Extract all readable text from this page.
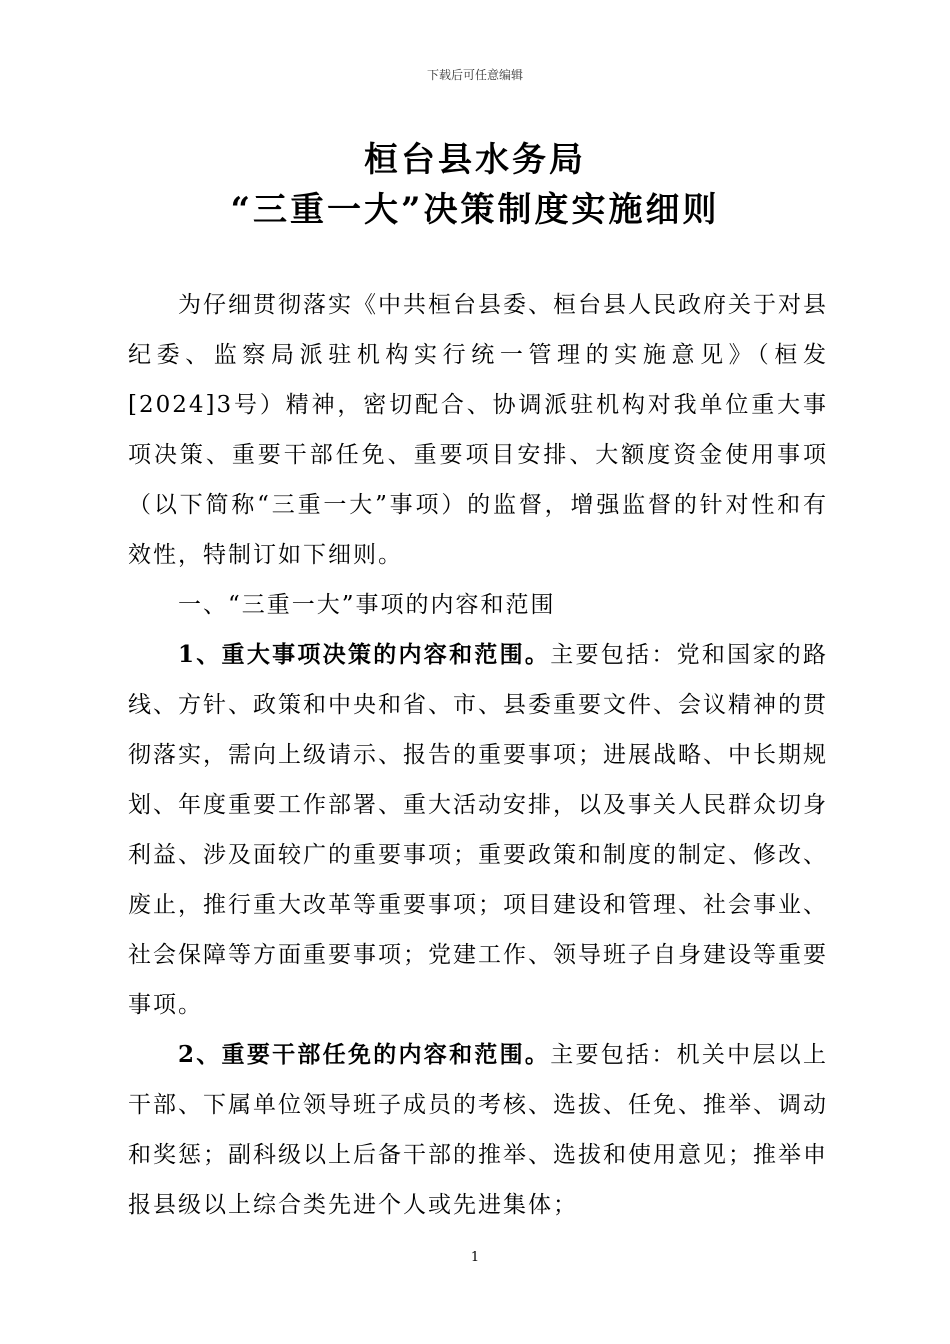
下载后可任意编辑
桓台县水务局
“三重一大”决策制度实施细则

为仔细贯彻落实《中共桓台县委、桓台县人民政府关于对县纪委、监察局派驻机构实行统一管理的实施意见》（桓发[2024]3号）精神，密切配合、协调派驻机构对我单位重大事项决策、重要干部任免、重要项目安排、大额度资金使用事项（以下简称“三重一大”事项）的监督，增强监督的针对性和有效性，特制订如下细则。

一、“三重一大”事项的内容和范围

1、重大事项决策的内容和范围。主要包括：党和国家的路线、方针、政策和中央和省、市、县委重要文件、会议精神的贯彻落实，需向上级请示、报告的重要事项；进展战略、中长期规划、年度重要工作部署、重大活动安排，以及事关人民群众切身利益、涉及面较广的重要事项；重要政策和制度的制定、修改、废止，推行重大改革等重要事项；项目建设和管理、社会事业、社会保障等方面重要事项；党建工作、领导班子自身建设等重要事项。

2、重要干部任免的内容和范围。主要包括：机关中层以上干部、下属单位领导班子成员的考核、选拔、任免、推举、调动和奖惩；副科级以上后备干部的推举、选拔和使用意见；推举申报县级以上综合类先进个人或先进集体；

1
